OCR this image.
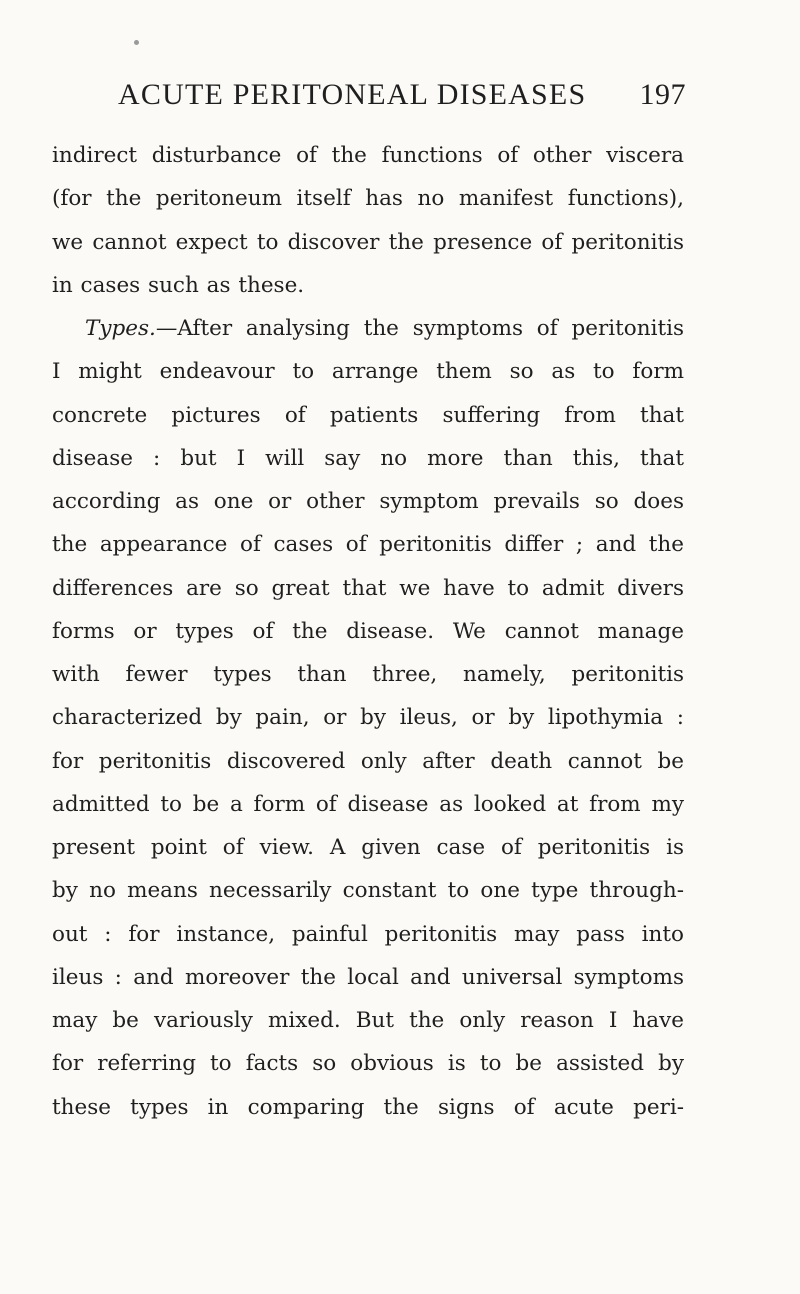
ACUTE PERITONEAL DISEASES 197
indirect disturbance of the functions of other viscera
(for the peritoneum itself has no manifest functions),
we cannot expect to discover the presence of peritonitis
in cases such as these.
Types.—After analysing the symptoms of peritonitis
I might endeavour to arrange them so as to form
concrete pictures of patients suffering from that
disease : but I will say no more than this, that
according as one or other symptom prevails so does
the appearance of cases of peritonitis differ ; and the
differences are so great that we have to admit divers
forms or types of the disease. We cannot manage
with fewer types than three, namely, peritonitis
characterized by pain, or by ileus, or by lipothymia :
for peritonitis discovered only after death cannot be
admitted to be a form of disease as looked at from my
present point of view. A given case of peritonitis is
by no means necessarily constant to one type through-
out : for instance, painful peritonitis may pass into
ileus : and moreover the local and universal symptoms
may be variously mixed. But the only reason I have
for referring to facts so obvious is to be assisted by
these types in comparing the signs of acute peri-
